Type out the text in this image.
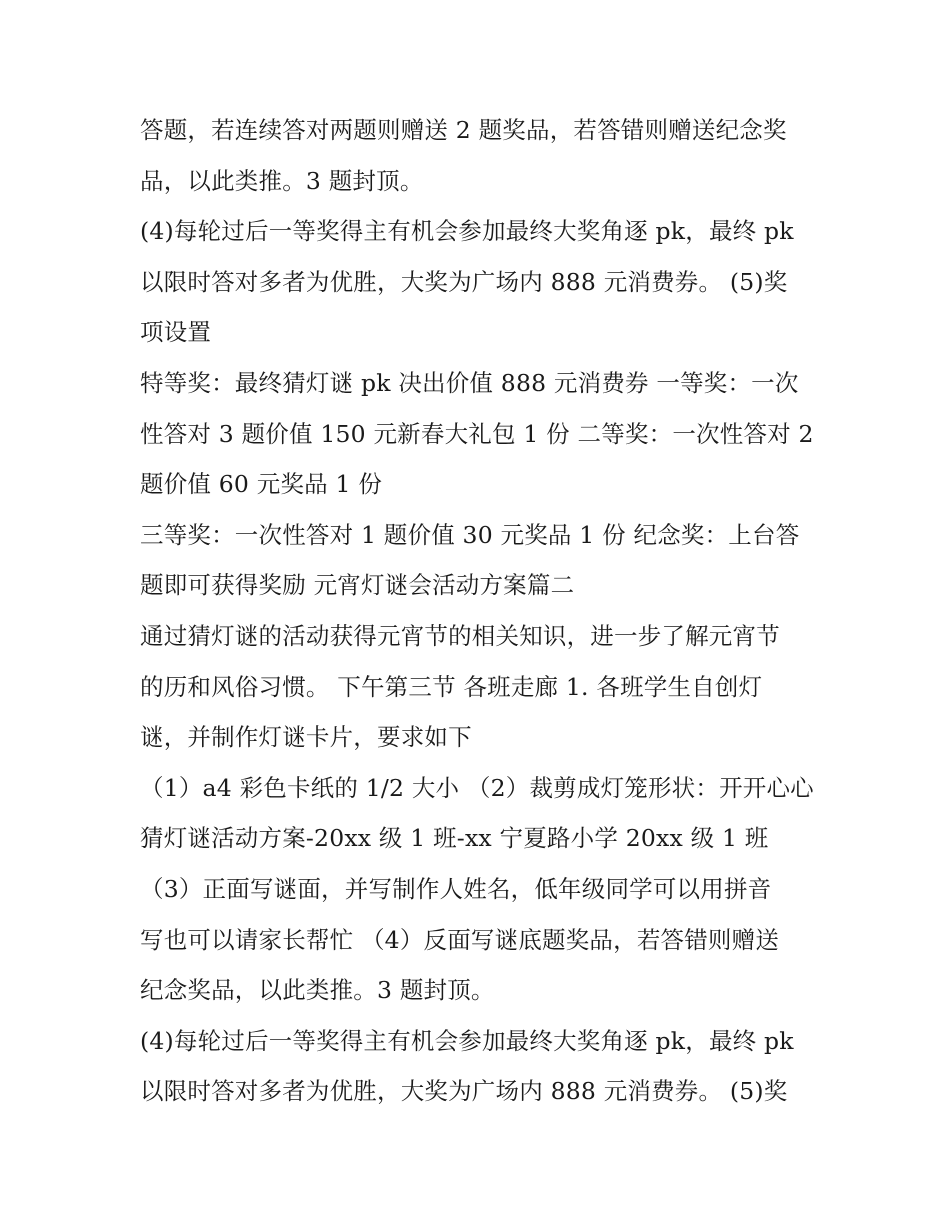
答题，若连续答对两题则赠送 2 题奖品，若答错则赠送纪念奖
品，以此类推。3 题封顶。
(4)每轮过后一等奖得主有机会参加最终大奖角逐 pk，最终 pk
以限时答对多者为优胜，大奖为广场内 888 元消费券。 (5)奖
项设置
特等奖：最终猜灯谜 pk 决出价值 888 元消费券 一等奖：一次
性答对 3 题价值 150 元新春大礼包 1 份 二等奖：一次性答对 2
题价值 60 元奖品 1 份
三等奖：一次性答对 1 题价值 30 元奖品 1 份 纪念奖：上台答
题即可获得奖励 元宵灯谜会活动方案篇二
通过猜灯谜的活动获得元宵节的相关知识，进一步了解元宵节
的历和风俗习惯。 下午第三节 各班走廊 1. 各班学生自创灯
谜，并制作灯谜卡片，要求如下
（1）a4 彩色卡纸的 1/2 大小 （2）裁剪成灯笼形状：开开心心
猜灯谜活动方案-20xx 级 1 班-xx 宁夏路小学 20xx 级 1 班
（3）正面写谜面，并写制作人姓名，低年级同学可以用拼音
写也可以请家长帮忙 （4）反面写谜底题奖品，若答错则赠送
纪念奖品，以此类推。3 题封顶。
(4)每轮过后一等奖得主有机会参加最终大奖角逐 pk，最终 pk
以限时答对多者为优胜，大奖为广场内 888 元消费券。 (5)奖
